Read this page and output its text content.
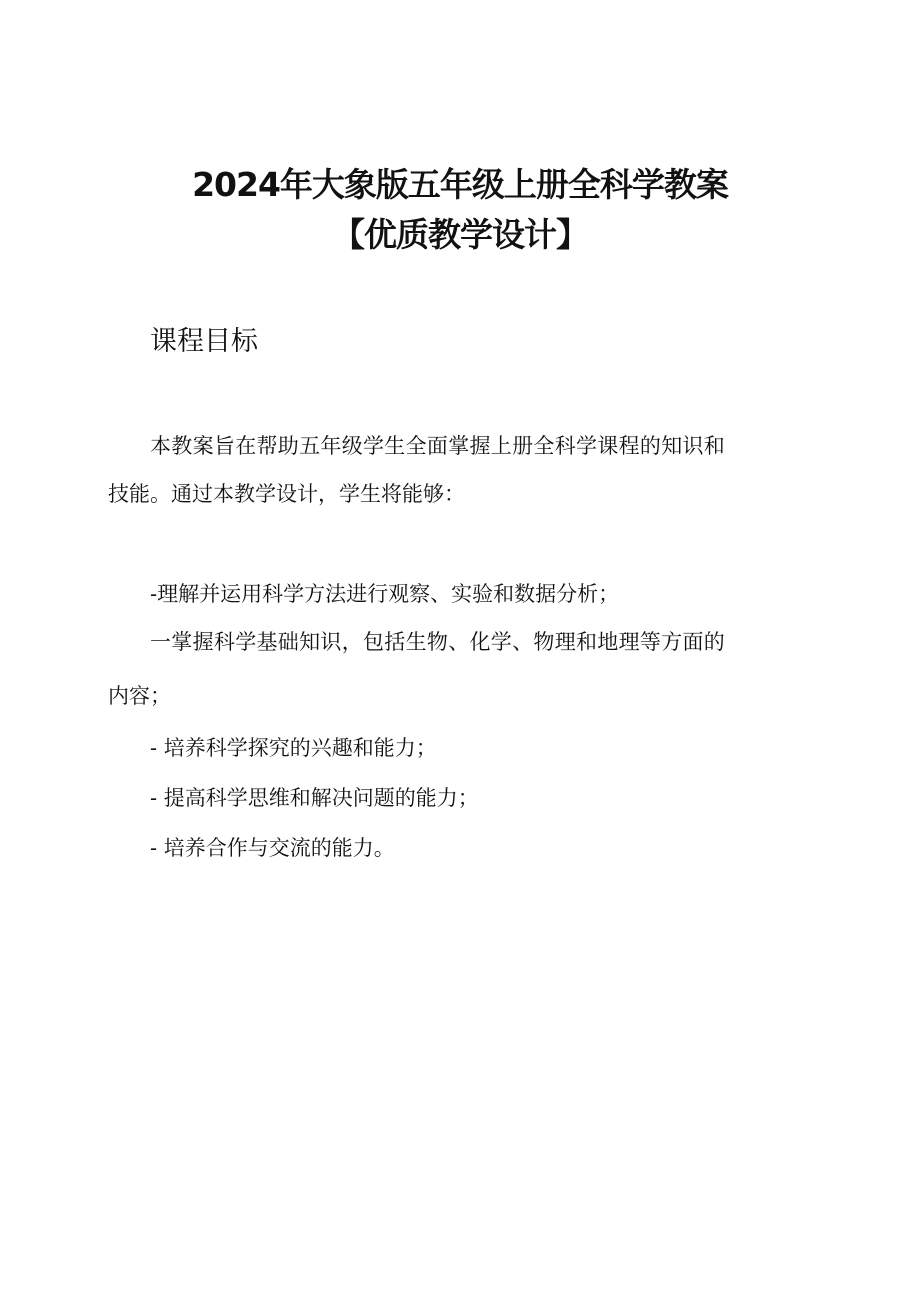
2024年大象版五年级上册全科学教案
【优质教学设计】
课程目标
本教案旨在帮助五年级学生全面掌握上册全科学课程的知识和
技能。通过本教学设计，学生将能够：
-理解并运用科学方法进行观察、实验和数据分析；
一掌握科学基础知识，包括生物、化学、物理和地理等方面的
内容；
- 培养科学探究的兴趣和能力；
- 提高科学思维和解决问题的能力；
- 培养合作与交流的能力。
